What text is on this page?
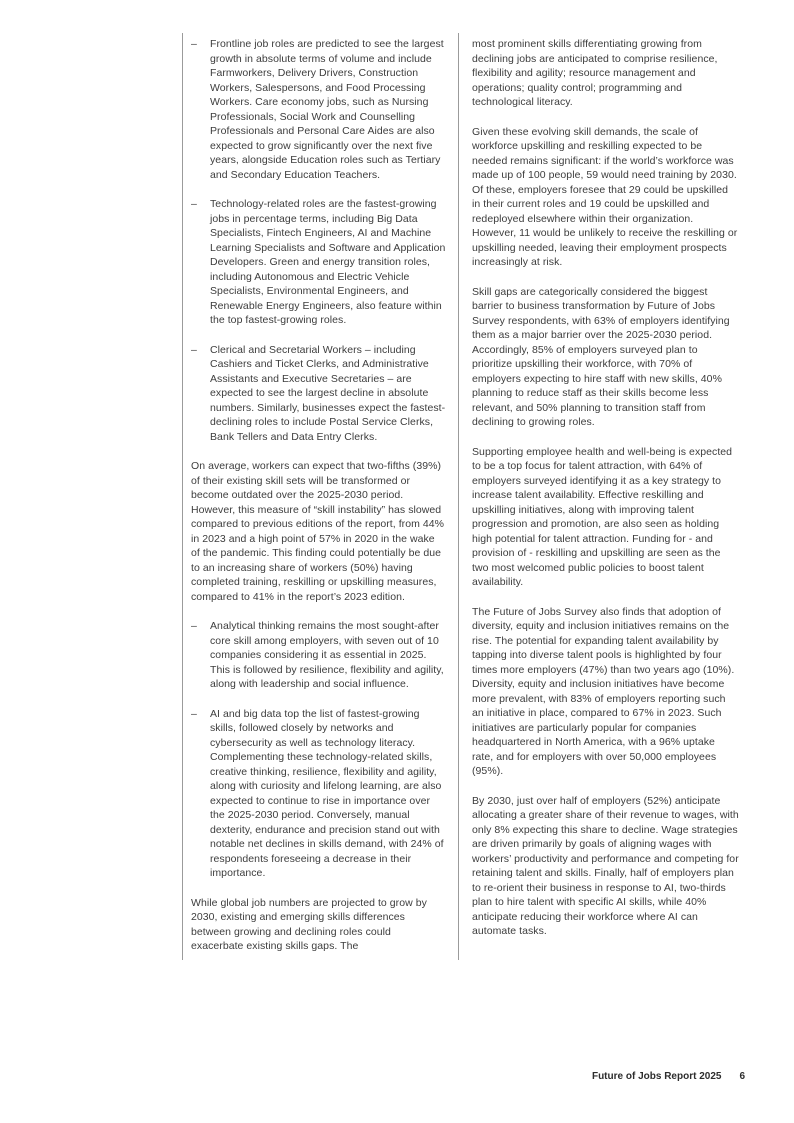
–	Frontline job roles are predicted to see the largest growth in absolute terms of volume and include Farmworkers, Delivery Drivers, Construction Workers, Salespersons, and Food Processing Workers. Care economy jobs, such as Nursing Professionals, Social Work and Counselling Professionals and Personal Care Aides are also expected to grow significantly over the next five years, alongside Education roles such as Tertiary and Secondary Education Teachers.
–	Technology-related roles are the fastest-growing jobs in percentage terms, including Big Data Specialists, Fintech Engineers, AI and Machine Learning Specialists and Software and Application Developers. Green and energy transition roles, including Autonomous and Electric Vehicle Specialists, Environmental Engineers, and Renewable Energy Engineers, also feature within the top fastest-growing roles.
–	Clerical and Secretarial Workers – including Cashiers and Ticket Clerks, and Administrative Assistants and Executive Secretaries – are expected to see the largest decline in absolute numbers. Similarly, businesses expect the fastest-declining roles to include Postal Service Clerks, Bank Tellers and Data Entry Clerks.

On average, workers can expect that two-fifths (39%) of their existing skill sets will be transformed or become outdated over the 2025-2030 period. However, this measure of “skill instability” has slowed compared to previous editions of the report, from 44% in 2023 and a high point of 57% in 2020 in the wake of the pandemic. This finding could potentially be due to an increasing share of workers (50%) having completed training, reskilling or upskilling measures, compared to 41% in the report’s 2023 edition.

–	Analytical thinking remains the most sought-after core skill among employers, with seven out of 10 companies considering it as essential in 2025. This is followed by resilience, flexibility and agility, along with leadership and social influence.
–	AI and big data top the list of fastest-growing skills, followed closely by networks and cybersecurity as well as technology literacy. Complementing these technology-related skills, creative thinking, resilience, flexibility and agility, along with curiosity and lifelong learning, are also expected to continue to rise in importance over the 2025-2030 period. Conversely, manual dexterity, endurance and precision stand out with notable net declines in skills demand, with 24% of respondents foreseeing a decrease in their importance.

While global job numbers are projected to grow by 2030, existing and emerging skills differences between growing and declining roles could exacerbate existing skills gaps. The

most prominent skills differentiating growing from declining jobs are anticipated to comprise resilience, flexibility and agility; resource management and operations; quality control; programming and technological literacy.

Given these evolving skill demands, the scale of workforce upskilling and reskilling expected to be needed remains significant: if the world’s workforce was made up of 100 people, 59 would need training by 2030. Of these, employers foresee that 29 could be upskilled in their current roles and 19 could be upskilled and redeployed elsewhere within their organization. However, 11 would be unlikely to receive the reskilling or upskilling needed, leaving their employment prospects increasingly at risk.

Skill gaps are categorically considered the biggest barrier to business transformation by Future of Jobs Survey respondents, with 63% of employers identifying them as a major barrier over the 2025-2030 period. Accordingly, 85% of employers surveyed plan to prioritize upskilling their workforce, with 70% of employers expecting to hire staff with new skills, 40% planning to reduce staff as their skills become less relevant, and 50% planning to transition staff from declining to growing roles.

Supporting employee health and well-being is expected to be a top focus for talent attraction, with 64% of employers surveyed identifying it as a key strategy to increase talent availability. Effective reskilling and upskilling initiatives, along with improving talent progression and promotion, are also seen as holding high potential for talent attraction. Funding for - and provision of - reskilling and upskilling are seen as the two most welcomed public policies to boost talent availability.

The Future of Jobs Survey also finds that adoption of diversity, equity and inclusion initiatives remains on the rise. The potential for expanding talent availability by tapping into diverse talent pools is highlighted by four times more employers (47%) than two years ago (10%). Diversity, equity and inclusion initiatives have become more prevalent, with 83% of employers reporting such an initiative in place, compared to 67% in 2023. Such initiatives are particularly popular for companies headquartered in North America, with a 96% uptake rate, and for employers with over 50,000 employees (95%).

By 2030, just over half of employers (52%) anticipate allocating a greater share of their revenue to wages, with only 8% expecting this share to decline. Wage strategies are driven primarily by goals of aligning wages with workers’ productivity and performance and competing for retaining talent and skills. Finally, half of employers plan to re-orient their business in response to AI, two-thirds plan to hire talent with specific AI skills, while 40% anticipate reducing their workforce where AI can automate tasks.

Future of Jobs Report 2025 6
